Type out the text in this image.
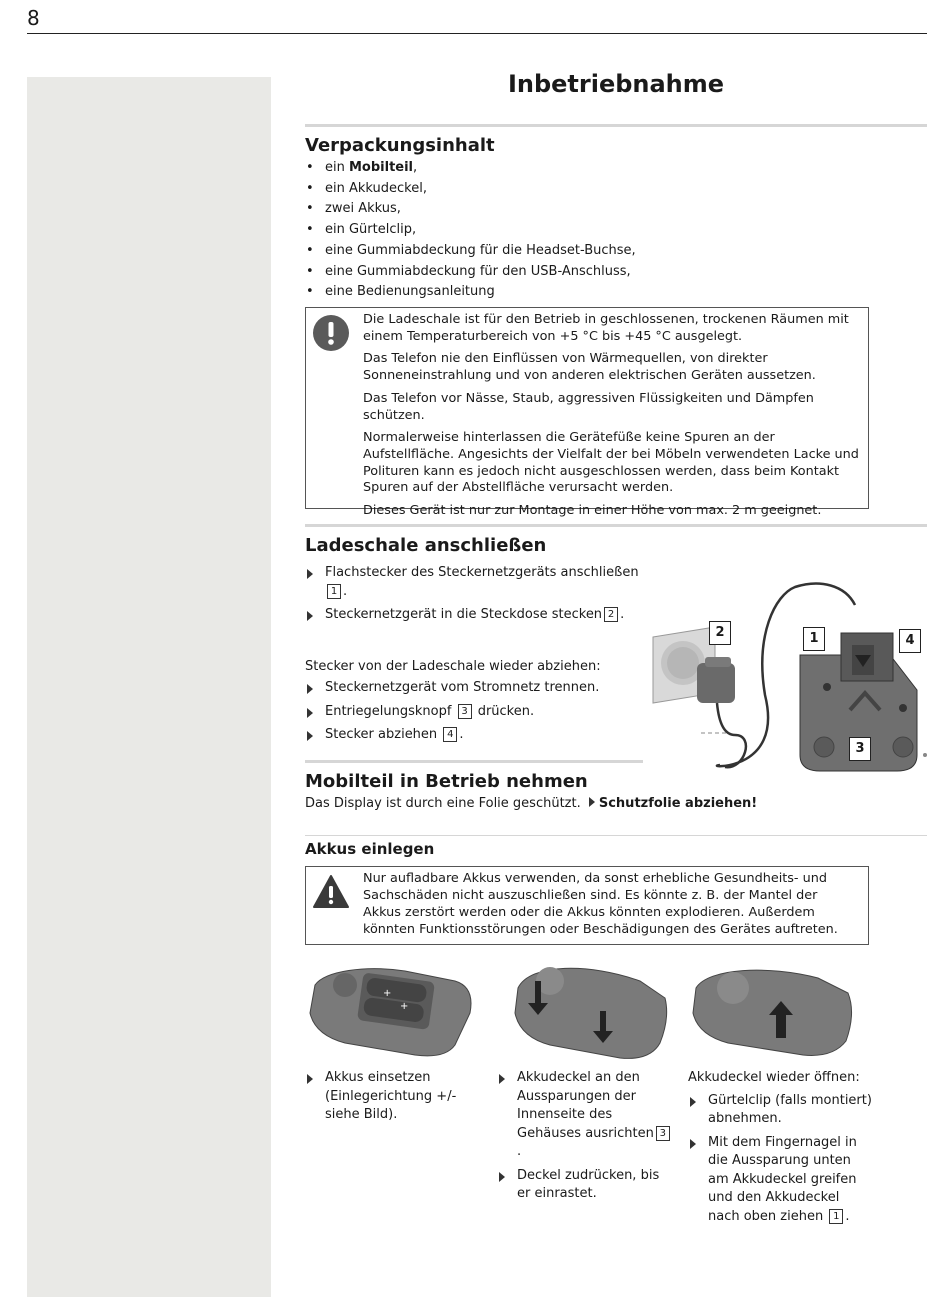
8
Inbetriebnahme
Verpackungsinhalt
• ein Mobilteil,
• ein Akkudeckel,
• zwei Akkus,
• ein Gürtelclip,
• eine Gummiabdeckung für die Headset-Buchse,
• eine Gummiabdeckung für den USB-Anschluss,
• eine Bedienungsanleitung

Die Ladeschale ist für den Betrieb in geschlossenen, trockenen Räumen mit einem Temperaturbereich von +5 °C bis +45 °C ausgelegt.

Das Telefon nie den Einflüssen von Wärmequellen, von direkter Sonneneinstrahlung und von anderen elektrischen Geräten aussetzen.

Das Telefon vor Nässe, Staub, aggressiven Flüssigkeiten und Dämpfen schützen.

Normalerweise hinterlassen die Gerätefüße keine Spuren an der Aufstellfläche. Angesichts der Vielfalt der bei Möbeln verwendeten Lacke und Polituren kann es jedoch nicht ausgeschlossen werden, dass beim Kontakt Spuren auf der Abstellfläche verursacht werden.

Dieses Gerät ist nur zur Montage in einer Höhe von max. 2 m geeignet.

Ladeschale anschließen
Flachstecker des Steckernetzgeräts anschließen1 .
Steckernetzgerät in die Steckdose stecken 2 .
Stecker von der Ladeschale wieder abziehen:
Steckernetzgerät vom Stromnetz trennen.
Entriegelungsknopf 3 drücken.
Stecker abziehen 4 .
2	1	4
3
Mobilteil in Betrieb nehmen
Das Display ist durch eine Folie geschützt. Schutzfolie abziehen!
Akkus einlegen

Nur aufladbare Akkus verwenden, da sonst erhebliche Gesundheits- und Sachschäden nicht auszuschließen sind. Es könnte z. B. der Mantel der Akkus zerstört werden oder die Akkus könnten explodieren. Außerdem könnten Funktionsstörungen oder Beschädigungen des Gerätes auftreten.

+
+
Akkus einsetzen (Einlegerichtung +/- siehe Bild).
Akkudeckel an den Aussparungen der Innenseite des Gehäuses ausrichten 3.
Deckel zudrücken, bis er einrastet.

Akkudeckel wieder öffnen:

Gürtelclip (falls montiert) abnehmen.
Mit dem Fingernagel in die Aussparung unten am Akkudeckel greifen und den Akkudeckel nach oben ziehen 1 .
